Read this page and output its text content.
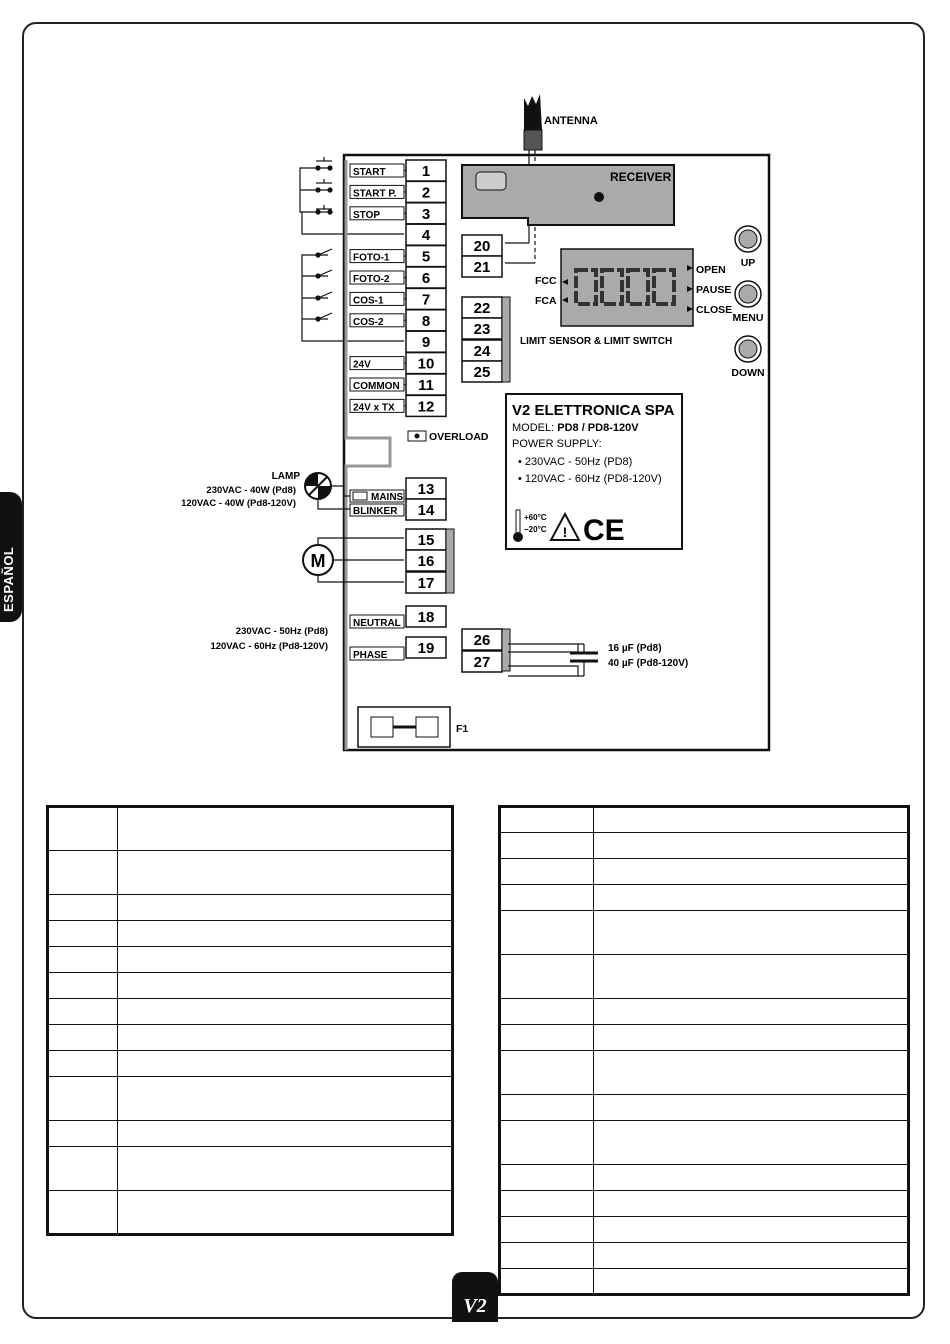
ESPAÑOL
ANTENNA
RECEIVER
1
2
3
4
5
6
7
8
9
10
11
12
13
14
15
16
17
18
19
20
21
22
23
24
25
26
27
START
START P.
STOP
FOTO-1
FOTO-2
COS-1
COS-2
24V
COMMON
24V x TX
OVERLOAD
LAMP
230VAC - 40W (Pd8)
120VAC - 40W (Pd8-120V)
MAINS
BLINKER
M
NEUTRAL
PHASE
230VAC - 50Hz (Pd8)
120VAC - 60Hz (Pd8-120V)
F1
FCC
FCA
OPEN
PAUSE
CLOSE
UP
MENU
DOWN
LIMIT SENSOR & LIMIT SWITCH
V2 ELETTRONICA SPA
MODEL: PD8 / PD8-120V
POWER SUPPLY:
• 230VAC - 50Hz (PD8)
• 120VAC - 60Hz (PD8-120V)
+60°C
−20°C ! CE
16 µF (Pd8)
40 µF (Pd8-120V)

V2
